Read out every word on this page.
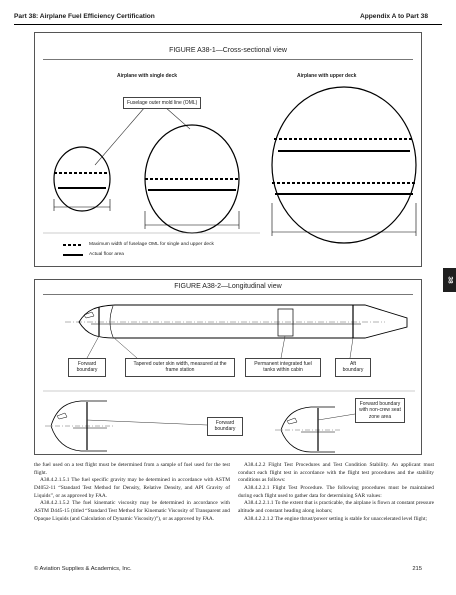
Part 38: Airplane Fuel Efficiency Certification	Appendix A to Part 38
38
FIGURE A38-1—Cross-sectional view
Airplane with single deck	Airplane with upper deck
Fuselage outer mold line (OML)
Maximum width of fuselage OML for single and upper deck
Actual floor area
FIGURE A38-2—Longitudinal view
Forward boundary
Tapered outer skin width, measured at the frame station
Permanent integrated fuel tanks within cabin
Aft boundary
Forward boundary
Forward boundary with non-crew seat zone area

the fuel used on a test flight must be determined from a sample of fuel used for the test flight.

A38.4.2.1.5.1 The fuel specific gravity may be determined in accordance with ASTM D4052-11 “Standard Test Method for Density, Relative Density, and API Gravity of Liquids”, or as approved by FAA.

A38.4.2.1.5.2 The fuel kinematic viscosity may be determined in accordance with ASTM D445-15 (titled “Standard Test Method for Kinematic Viscosity of Transparent and Opaque Liquids (and Calculation of Dynamic Viscosity)”), or as approved by FAA.

A38.4.2.2 Flight Test Procedures and Test Condition Stability. An applicant must conduct each flight test in accordance with the flight test procedures and the stability conditions as follows:

A38.4.2.2.1 Flight Test Procedure. The following procedures must be maintained during each flight used to gather data for determining SAR values:

A38.4.2.2.1.1 To the extent that is practicable, the airplane is flown at constant pressure altitude and constant heading along isobars;

A38.4.2.2.1.2 The engine thrust/power setting is stable for unaccelerated level flight;

© Aviation Supplies & Academics, Inc.	215
